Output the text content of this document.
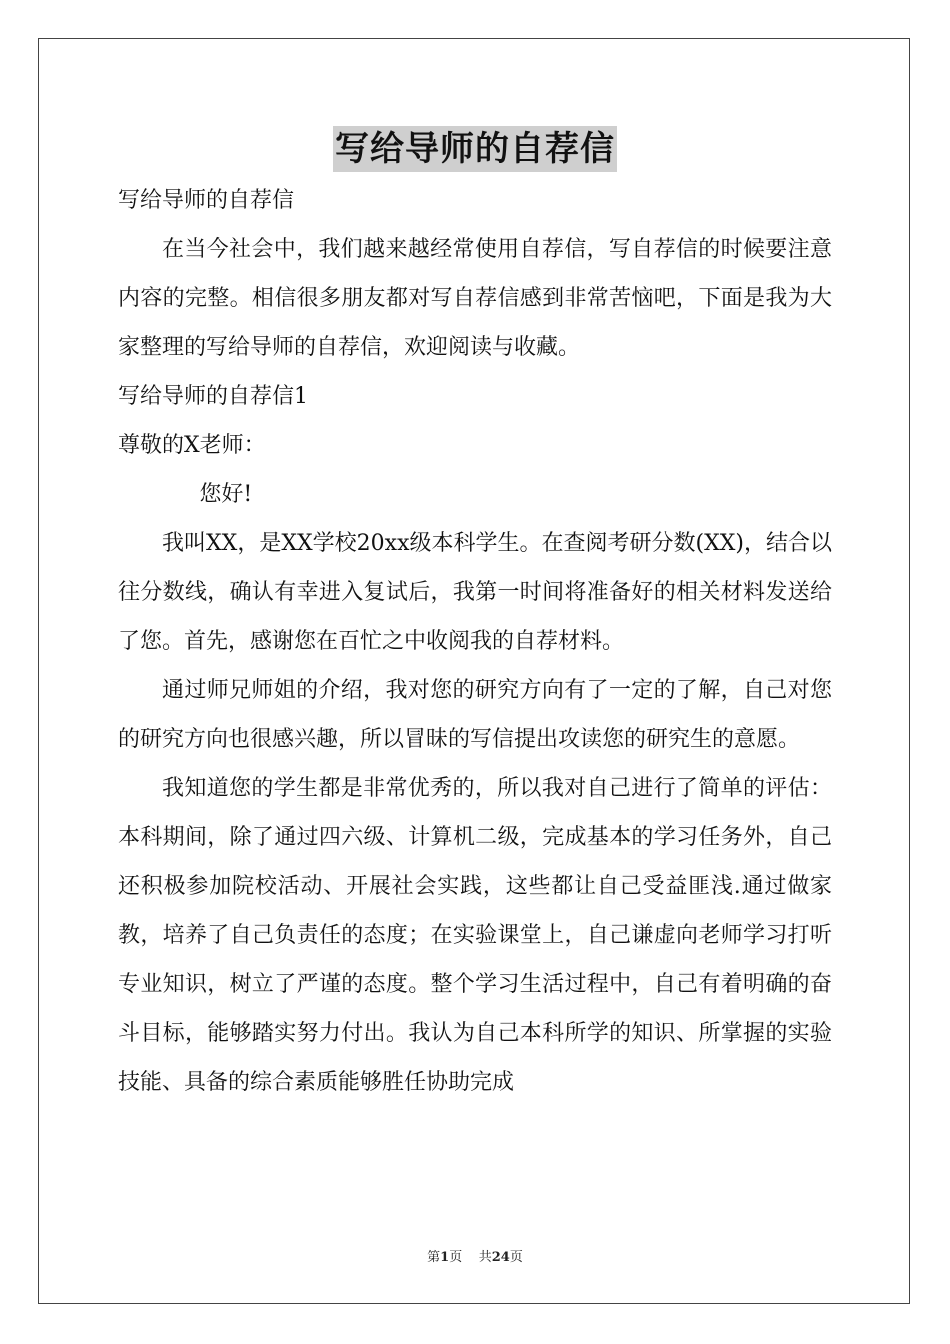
写给导师的自荐信

写给导师的自荐信

在当今社会中，我们越来越经常使用自荐信，写自荐信的时候要注意内容的完整。相信很多朋友都对写自荐信感到非常苦恼吧，下面是我为大家整理的写给导师的自荐信，欢迎阅读与收藏。

写给导师的自荐信1

尊敬的X老师：

您好!

我叫XX，是XX学校20xx级本科学生。在查阅考研分数(XX)，结合以往分数线，确认有幸进入复试后，我第一时间将准备好的相关材料发送给了您。首先，感谢您在百忙之中收阅我的自荐材料。

通过师兄师姐的介绍，我对您的研究方向有了一定的了解，自己对您的研究方向也很感兴趣，所以冒昧的写信提出攻读您的研究生的意愿。

我知道您的学生都是非常优秀的，所以我对自己进行了简单的评估：本科期间，除了通过四六级、计算机二级，完成基本的学习任务外，自己还积极参加院校活动、开展社会实践，这些都让自己受益匪浅.通过做家教，培养了自己负责任的态度；在实验课堂上，自己谦虚向老师学习打听专业知识，树立了严谨的态度。整个学习生活过程中，自己有着明确的奋斗目标，能够踏实努力付出。我认为自己本科所学的知识、所掌握的实验技能、具备的综合素质能够胜任协助完成

第1页 共24页
